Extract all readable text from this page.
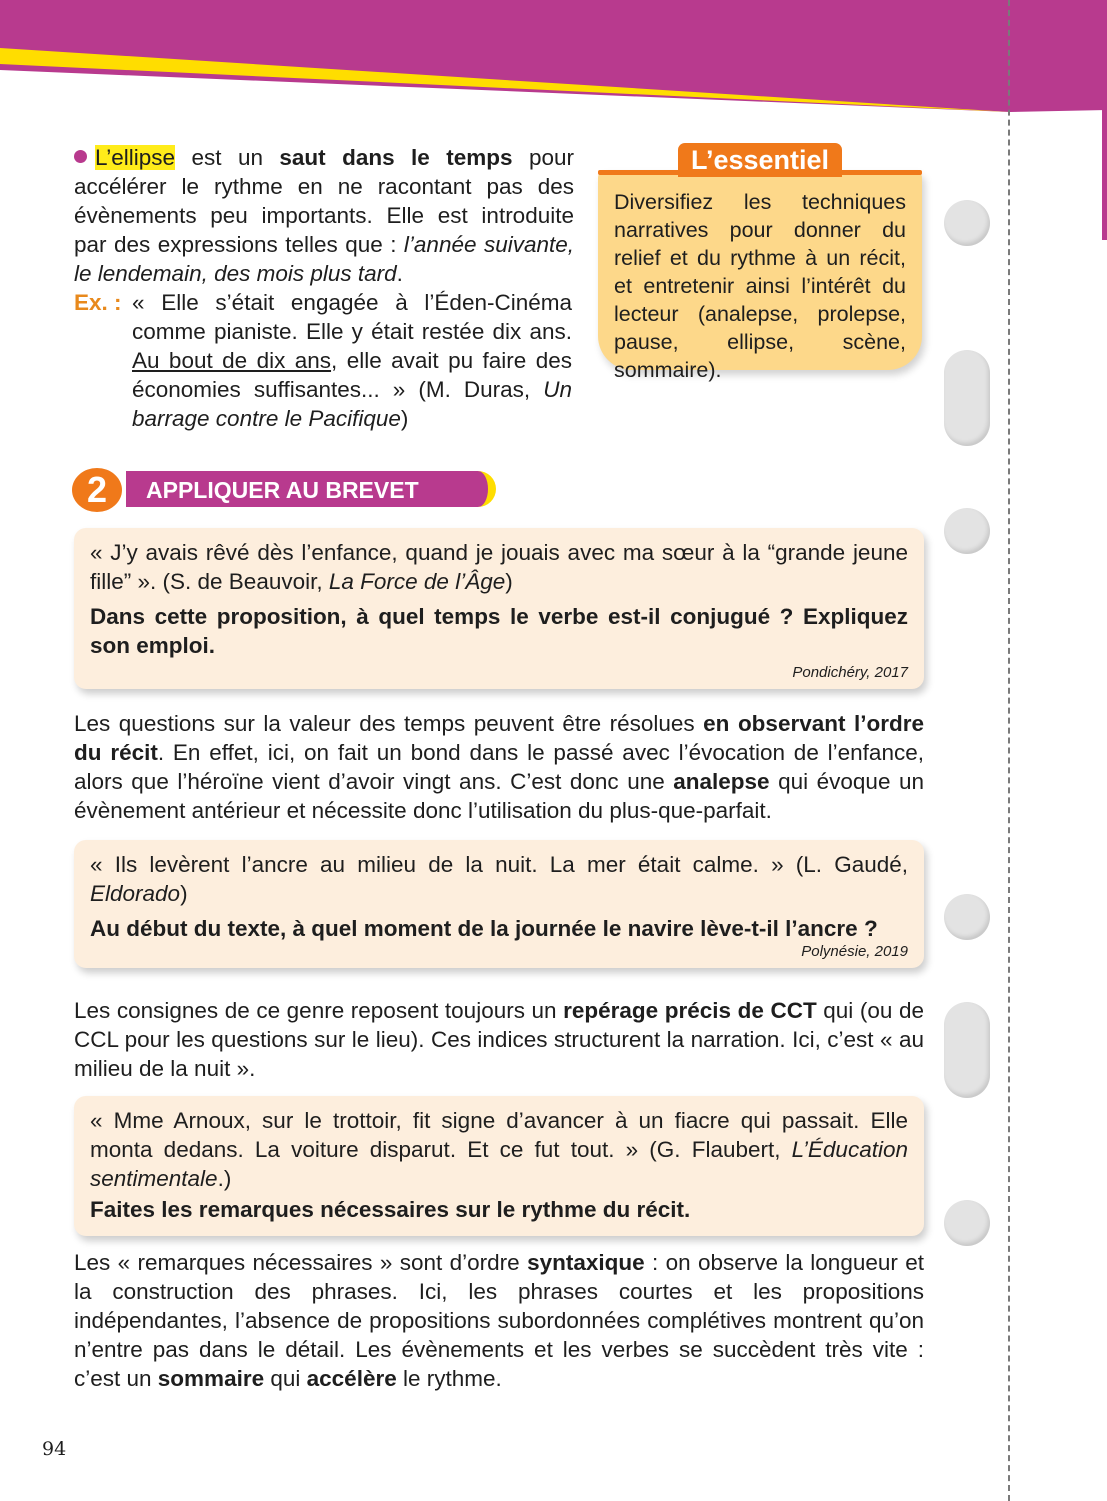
L’ellipse est un saut dans le temps pour accélérer le rythme en ne racontant pas des évènements peu importants. Elle est introduite par des expressions telles que : l’année suivante, le lendemain, des mois plus tard.
Ex. : « Elle s’était engagée à l’Éden-Cinéma comme pianiste. Elle y était restée dix ans. Au bout de dix ans, elle avait pu faire des économies suffisantes... » (M. Duras, Un barrage contre le Pacifique)
L’essentiel
Diversifiez les techniques narratives pour donner du relief et du rythme à un récit, et entretenir ainsi l’intérêt du lecteur (analepse, prolepse, pause, ellipse, scène, sommaire).
APPLIQUER AU BREVET
2

« J’y avais rêvé dès l’enfance, quand je jouais avec ma sœur à la “grande jeune fille” ». (S. de Beauvoir, La Force de l’Âge)

Dans cette proposition, à quel temps le verbe est-il conjugué ? Expliquez son emploi.

Pondichéry, 2017
Les questions sur la valeur des temps peuvent être résolues en observant l’ordre du récit. En effet, ici, on fait un bond dans le passé avec l’évocation de l’enfance, alors que l’héroïne vient d’avoir vingt ans. C’est donc une analepse qui évoque un évènement antérieur et nécessite donc l’utilisation du plus-que-parfait.

« Ils levèrent l’ancre au milieu de la nuit. La mer était calme. » (L. Gaudé, Eldorado)

Au début du texte, à quel moment de la journée le navire lève-t-il l’ancre ?

Polynésie, 2019
Les consignes de ce genre reposent toujours un repérage précis de CCT qui (ou de CCL pour les questions sur le lieu). Ces indices structurent la narration. Ici, c’est « au milieu de la nuit ».

« Mme Arnoux, sur le trottoir, fit signe d’avancer à un fiacre qui passait. Elle monta dedans. La voiture disparut. Et ce fut tout. » (G. Flaubert, L’Éducation sentimentale.)

Faites les remarques nécessaires sur le rythme du récit.

Les « remarques nécessaires » sont d’ordre syntaxique : on observe la longueur et la construction des phrases. Ici, les phrases courtes et les propositions indépendantes, l’absence de propositions subordonnées complétives montrent qu’on n’entre pas dans le détail. Les évènements et les verbes se succèdent très vite : c’est un sommaire qui accélère le rythme.
94
